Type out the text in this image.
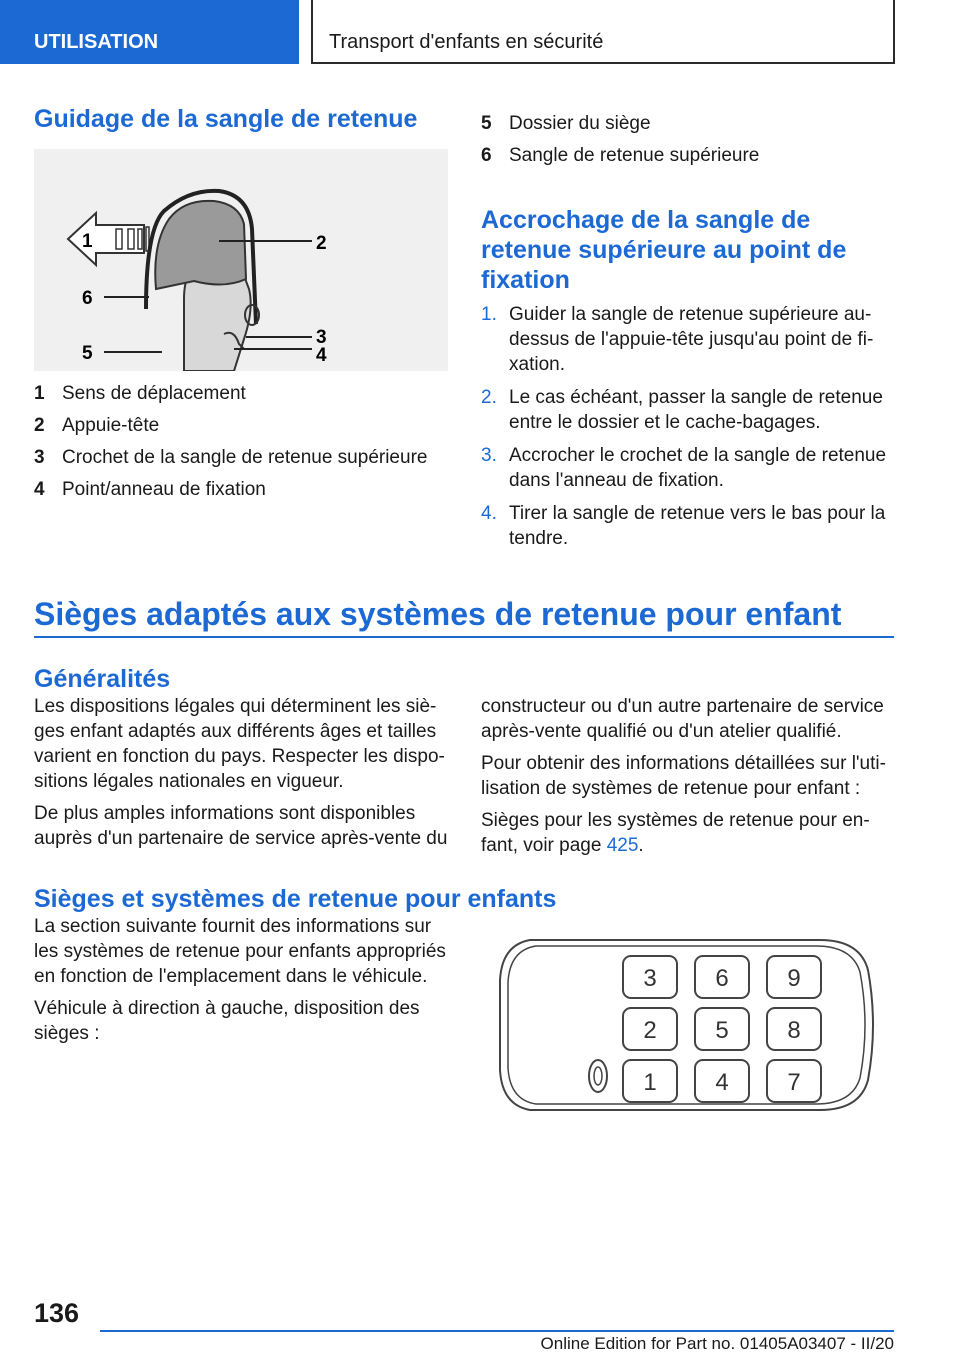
UTILISATION	Transport d'enfants en sécurité
Guidage de la sangle de retenue
1	2
6
3
5	4
1 Sens de déplacement
2 Appuie-tête
3 Crochet de la sangle de retenue supérieure
4 Point/anneau de fixation
5 Dossier du siège
6 Sangle de retenue supérieure
Accrochage de la sangle de retenue supérieure au point de fixation
1. Guider la sangle de retenue supérieure au-dessus de l'appuie-tête jusqu'au point de fi-xation.
2. Le cas échéant, passer la sangle de retenue entre le dossier et le cache-bagages.
3. Accrocher le crochet de la sangle de retenue dans l'anneau de fixation.
4. Tirer la sangle de retenue vers le bas pour la tendre.
Sièges adaptés aux systèmes de retenue pour enfant
Généralités

Les dispositions légales qui déterminent les siè-ges enfant adaptés aux différents âges et tailles varient en fonction du pays. Respecter les dispo-sitions légales nationales en vigueur.

De plus amples informations sont disponibles auprès d'un partenaire de service après-vente du

constructeur ou d'un autre partenaire de service après-vente qualifié ou d'un atelier qualifié.

Pour obtenir des informations détaillées sur l'uti-lisation de systèmes de retenue pour enfant :

Sièges pour les systèmes de retenue pour en-fant, voir page 425.

Sièges et systèmes de retenue pour enfants

La section suivante fournit des informations sur les systèmes de retenue pour enfants appropriés en fonction de l'emplacement dans le véhicule.

Véhicule à direction à gauche, disposition des sièges :

3 6 9
2 5 8
1 4 7
136
Online Edition for Part no. 01405A03407 - II/20
